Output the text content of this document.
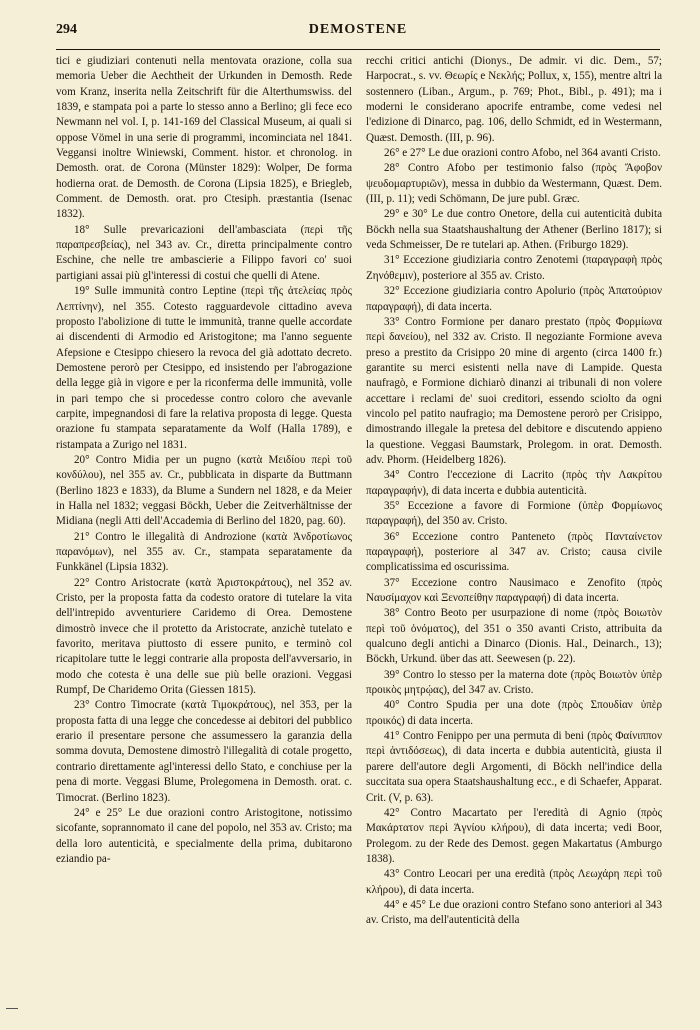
294	DEMOSTENE

tici e giudiziari contenuti nella mentovata orazione, colla sua memoria Ueber die Aechtheit der Urkunden in Demosth. Rede vom Kranz, inserita nella Zeitschrift für die Alterthumswiss. del 1839, e stampata poi a parte lo stesso anno a Berlino; gli fece eco Newmann nel vol. I, p. 141-169 del Classical Museum, ai quali si oppose Vömel in una serie di programmi, incominciata nel 1841. Veggansi inoltre Winiewski, Comment. histor. et chronolog. in Demosth. orat. de Corona (Münster 1829): Wolper, De forma hodierna orat. de Demosth. de Corona (Lipsia 1825), e Briegleb, Comment. de Demosth. orat. pro Ctesiph. præstantia (Isenac 1832).

18° Sulle prevaricazioni dell'ambasciata (περὶ τῆς παραπρεσβείας), nel 343 av. Cr., diretta principalmente contro Eschine, che nelle tre ambascierie a Filippo favori co' suoi partigiani assai più gl'interessi di costui che quelli di Atene.

19° Sulle immunità contro Leptine (περὶ τῆς ἀτελείας πρὸς Λεπτίνην), nel 355. Cotesto ragguardevole cittadino aveva proposto l'abolizione di tutte le immunità, tranne quelle accordate ai discendenti di Armodio ed Aristogitone; ma l'anno seguente Afepsione e Ctesippo chiesero la revoca del già adottato decreto. Demostene perorò per Ctesippo, ed insistendo per l'abrogazione della legge già in vigore e per la riconferma delle immunità, volle in pari tempo che si procedesse contro coloro che avevanle carpite, impegnandosi di fare la relativa proposta di legge. Questa orazione fu stampata separatamente da Wolf (Halla 1789), e ristampata a Zurigo nel 1831.

20° Contro Midia per un pugno (κατὰ Μειδίου περὶ τοῦ κονδύλου), nel 355 av. Cr., pubblicata in disparte da Buttmann (Berlino 1823 e 1833), da Blume a Sundern nel 1828, e da Meier in Halla nel 1832; veggasi Böckh, Ueber die Zeitverhältnisse der Midiana (negli Atti dell'Accademia di Berlino del 1820, pag. 60).

21° Contro le illegalità di Androzione (κατὰ Ἀνδροτίωνος παρανόμων), nel 355 av. Cr., stampata separatamente da Funkkänel (Lipsia 1832).

22° Contro Aristocrate (κατὰ Ἀριστοκράτους), nel 352 av. Cristo, per la proposta fatta da codesto oratore di tutelare la vita dell'intrepido avventuriere Caridemo di Orea. Demostene dimostrò invece che il protetto da Aristocrate, anzichè tutelato e favorito, meritava piuttosto di essere punito, e terminò col ricapitolare tutte le leggi contrarie alla proposta dell'avversario, in modo che cotesta è una delle sue più belle orazioni. Veggasi Rumpf, De Charidemo Orita (Giessen 1815).

23° Contro Timocrate (κατὰ Τιμοκράτους), nel 353, per la proposta fatta di una legge che concedesse ai debitori del pubblico erario il presentare persone che assumessero la garanzia della somma dovuta, Demostene dimostrò l'illegalità di cotale progetto, contrario direttamente agl'interessi dello Stato, e conchiuse per la pena di morte. Veggasi Blume, Prolegomena in Demosth. orat. c. Timocrat. (Berlino 1823).

24° e 25° Le due orazioni contro Aristogitone, notissimo sicofante, soprannomato il cane del popolo, nel 353 av. Cristo; ma della loro autenticità, e specialmente della prima, dubitarono eziandio pa-

recchi critici antichi (Dionys., De admir. vi dic. Dem., 57; Harpocrat., s. vv. Θεωρίς e Νεκλής; Pollux, x, 155), mentre altri la sostennero (Liban., Argum., p. 769; Phot., Bibl., p. 491); ma i moderni le considerano apocrife entrambe, come vedesi nel l'edizione di Dinarco, pag. 106, dello Schmidt, ed in Westermann, Quæst. Demosth. (III, p. 96).

26° e 27° Le due orazioni contro Afobo, nel 364 avanti Cristo.

28° Contro Afobo per testimonio falso (πρὸς Ἄφοβον ψευδομαρτυριῶν), messa in dubbio da Westermann, Quæst. Dem. (III, p. 11); vedi Schömann, De jure publ. Græc.

29° e 30° Le due contro Onetore, della cui autenticità dubita Böckh nella sua Staatshaushaltung der Athener (Berlino 1817); si veda Schmeisser, De re tutelari ap. Athen. (Friburgo 1829).

31° Eccezione giudiziaria contro Zenotemi (παραγραφὴ πρὸς Ζηνόθεμιν), posteriore al 355 av. Cristo.

32° Eccezione giudiziaria contro Apolurio (πρὸς Ἀπατούριον παραγραφή), di data incerta.

33° Contro Formione per danaro prestato (πρὸς Φορμίωνα περὶ δανείου), nel 332 av. Cristo. Il negoziante Formione aveva preso a prestito da Crisippo 20 mine di argento (circa 1400 fr.) garantite su merci esistenti nella nave di Lampide. Questa naufragò, e Formione dichiarò dinanzi ai tribunali di non volere accettare i reclami de' suoi creditori, essendo sciolto da ogni vincolo pel patito naufragio; ma Demostene perorò per Crisippo, dimostrando illegale la pretesa del debitore e discutendo appieno la questione. Veggasi Baumstark, Prolegom. in orat. Demosth. adv. Phorm. (Heidelberg 1826).

34° Contro l'eccezione di Lacrito (πρὸς τὴν Λακρίτου παραγραφήν), di data incerta e dubbia autenticità.

35° Eccezione a favore di Formione (ὑπὲρ Φορμίωνος παραγραφή), del 350 av. Cristo.

36° Eccezione contro Panteneto (πρὸς Πανταίνετον παραγραφή), posteriore al 347 av. Cristo; causa civile complicatissima ed oscurissima.

37° Eccezione contro Nausimaco e Zenofito (πρὸς Ναυσίμαχον καὶ Ξενοπείθην παραγραφή) di data incerta.

38° Contro Beoto per usurpazione di nome (πρὸς Βοιωτὸν περὶ τοῦ ὀνόματος), del 351 o 350 avanti Cristo, attribuita da qualcuno degli antichi a Dinarco (Dionis. Hal., Deinarch., 13); Böckh, Urkund. über das att. Seewesen (p. 22).

39° Contro lo stesso per la materna dote (πρὸς Βοιωτὸν ὑπὲρ προικὸς μητρῴας), del 347 av. Cristo.

40° Contro Spudia per una dote (πρὸς Σπουδίαν ὑπὲρ προικός) di data incerta.

41° Contro Fenippo per una permuta di beni (πρὸς Φαίνιππον περὶ ἀντιδόσεως), di data incerta e dubbia autenticità, giusta il parere dell'autore degli Argomenti, di Böckh nell'indice della succitata sua opera Staatshaushaltung ecc., e di Schaefer, Apparat. Crit. (V, p. 63).

42° Contro Macartato per l'eredità di Agnio (πρὸς Μακάρτατον περὶ Ἁγνίου κλήρου), di data incerta; vedi Boor, Prolegom. zu der Rede des Demost. gegen Makartatus (Amburgo 1838).

43° Contro Leocari per una eredità (πρὸς Λεωχάρη περὶ τοῦ κλήρου), di data incerta.

44° e 45° Le due orazioni contro Stefano sono anteriori al 343 av. Cristo, ma dell'autenticità della
